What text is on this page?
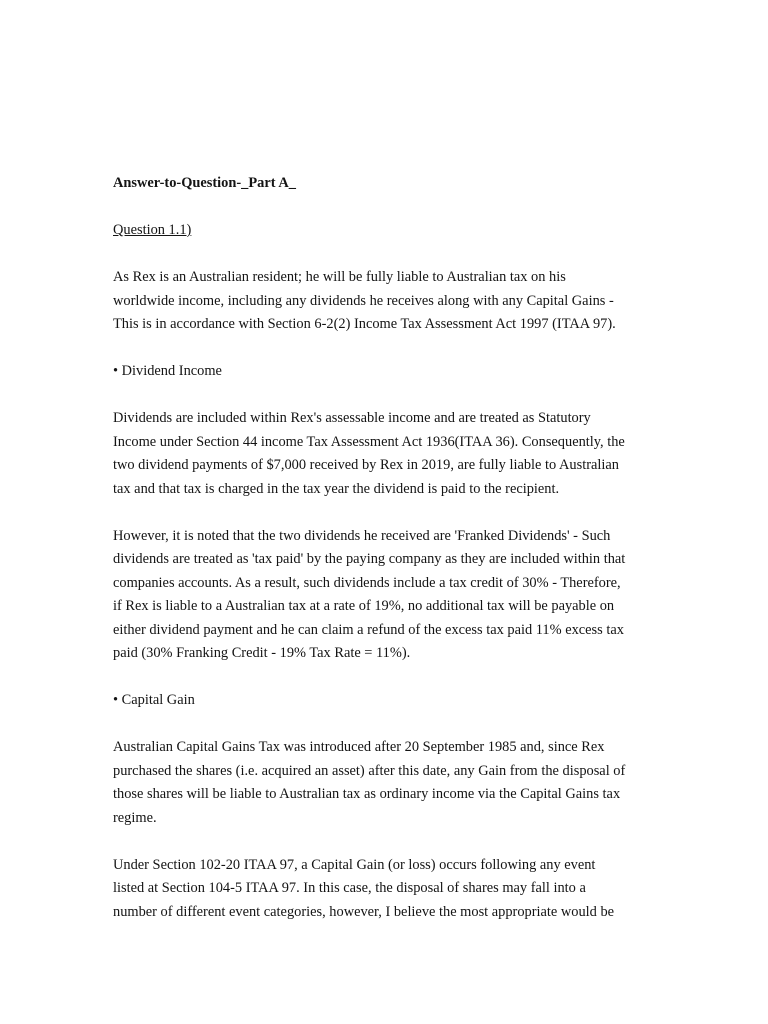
Answer-to-Question-_Part A_
Question 1.1)
As Rex is an Australian resident; he will be fully liable to Australian tax on his
worldwide income, including any dividends he receives along with any Capital Gains -
This is in accordance with Section 6-2(2) Income Tax Assessment Act 1997 (ITAA 97).
• Dividend Income
Dividends are included within Rex's assessable income and are treated as Statutory
Income under Section 44 income Tax Assessment Act 1936(ITAA 36). Consequently, the
two dividend payments of $7,000 received by Rex in 2019, are fully liable to Australian
tax and that tax is charged in the tax year the dividend is paid to the recipient.
However, it is noted that the two dividends he received are 'Franked Dividends' - Such
dividends are treated as 'tax paid' by the paying company as they are included within that
companies accounts. As a result, such dividends include a tax credit of 30% - Therefore,
if Rex is liable to a Australian tax at a rate of 19%, no additional tax will be payable on
either dividend payment and he can claim a refund of the excess tax paid 11% excess tax
paid (30% Franking Credit - 19% Tax Rate = 11%).
• Capital Gain
Australian Capital Gains Tax was introduced after 20 September 1985 and, since Rex
purchased the shares (i.e. acquired an asset) after this date, any Gain from the disposal of
those shares will be liable to Australian tax as ordinary income via the Capital Gains tax
regime.
Under Section 102-20 ITAA 97, a Capital Gain (or loss) occurs following any event
listed at Section 104-5 ITAA 97. In this case, the disposal of shares may fall into a
number of different event categories, however, I believe the most appropriate would be
